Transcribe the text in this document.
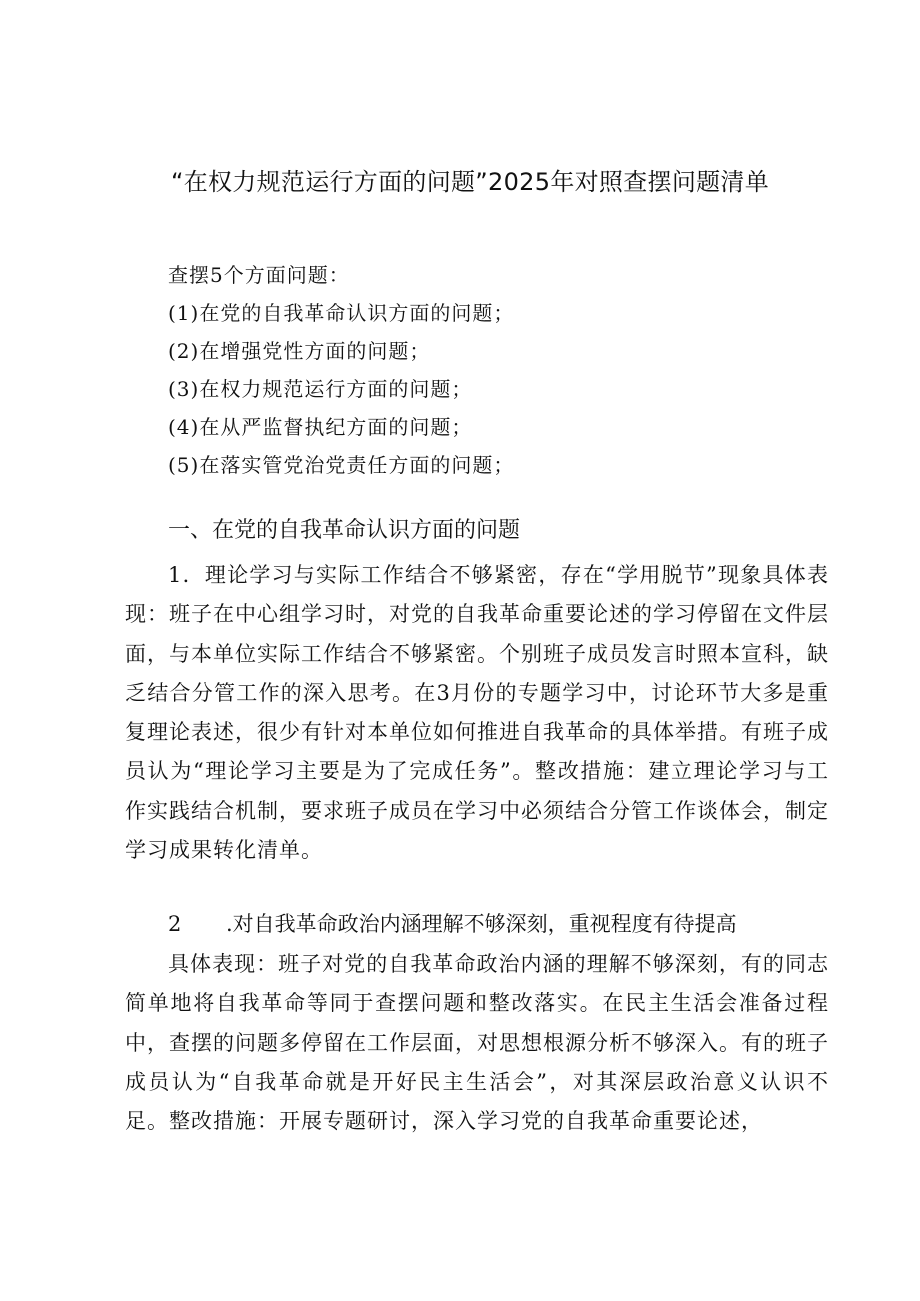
“在权力规范运行方面的问题”2025年对照查摆问题清单
查摆5个方面问题：
(1)在党的自我革命认识方面的问题；
(2)在增强党性方面的问题；
(3)在权力规范运行方面的问题；
(4)在从严监督执纪方面的问题；
(5)在落实管党治党责任方面的问题；
一、在党的自我革命认识方面的问题
1．理论学习与实际工作结合不够紧密，存在“学用脱节”现象具体表现：班子在中心组学习时，对党的自我革命重要论述的学习停留在文件层面，与本单位实际工作结合不够紧密。个别班子成员发言时照本宣科，缺乏结合分管工作的深入思考。在3月份的专题学习中，讨论环节大多是重复理论表述，很少有针对本单位如何推进自我革命的具体举措。有班子成员认为“理论学习主要是为了完成任务”。整改措施：建立理论学习与工作实践结合机制，要求班子成员在学习中必须结合分管工作谈体会，制定学习成果转化清单。
2 .对自我革命政治内涵理解不够深刻，重视程度有待提高
具体表现：班子对党的自我革命政治内涵的理解不够深刻，有的同志简单地将自我革命等同于查摆问题和整改落实。在民主生活会准备过程中，查摆的问题多停留在工作层面，对思想根源分析不够深入。有的班子成员认为“自我革命就是开好民主生活会”，对其深层政治意义认识不足。整改措施：开展专题研讨，深入学习党的自我革命重要论述，
